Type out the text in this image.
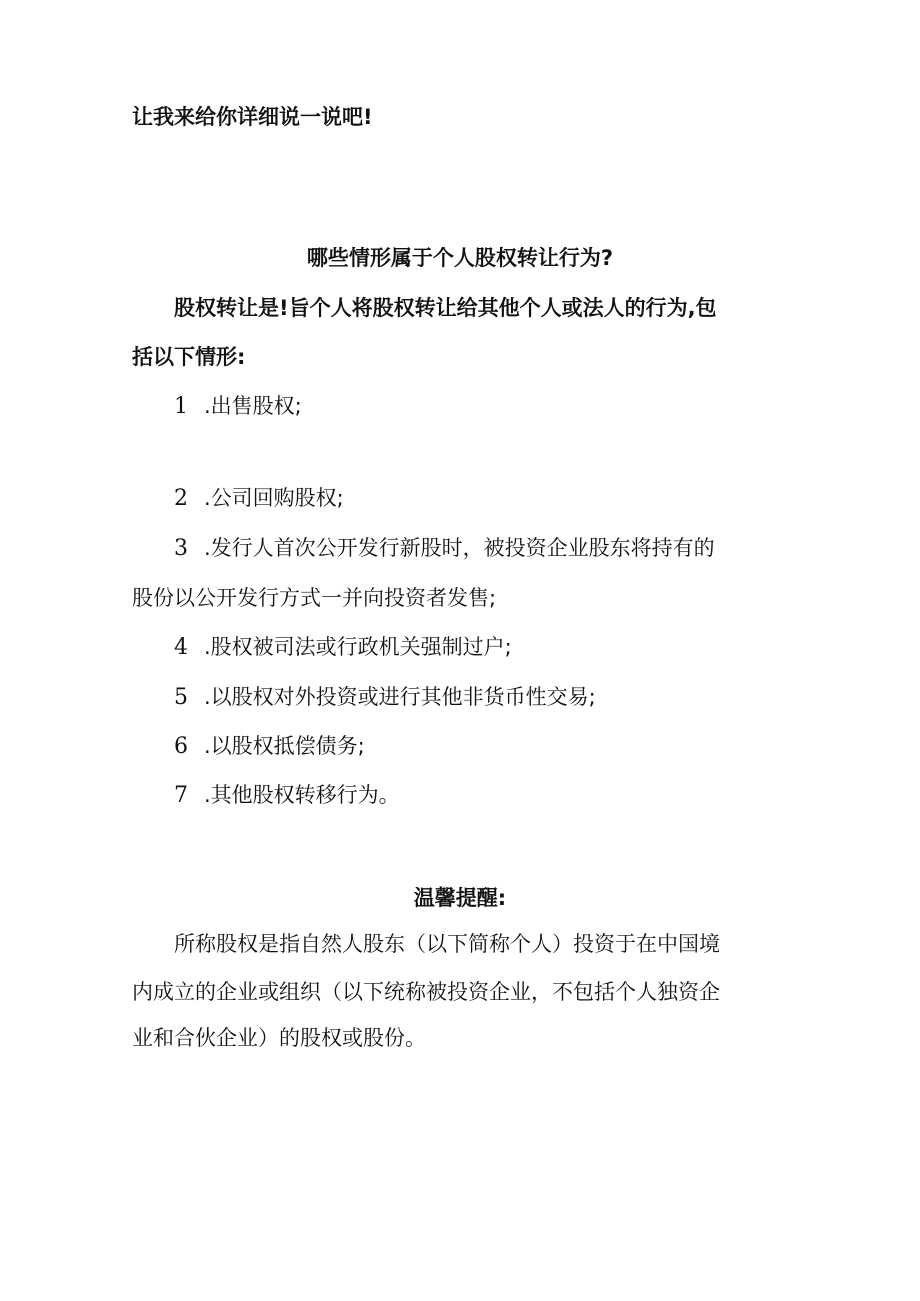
让我来给你详细说一说吧!
哪些情形属于个人股权转让行为?
股权转让是!旨个人将股权转让给其他个人或法人的行为,包
括以下情形:
1 .出售股权;
2 .公司回购股权;
3 .发行人首次公开发行新股时，被投资企业股东将持有的
股份以公开发行方式一并向投资者发售;
4 .股权被司法或行政机关强制过户;
5 .以股权对外投资或进行其他非货币性交易;
6 .以股权抵偿债务;
7 .其他股权转移行为。
温馨提醒:
所称股权是指自然人股东（以下简称个人）投资于在中国境
内成立的企业或组织（以下统称被投资企业，不包括个人独资企
业和合伙企业）的股权或股份。
